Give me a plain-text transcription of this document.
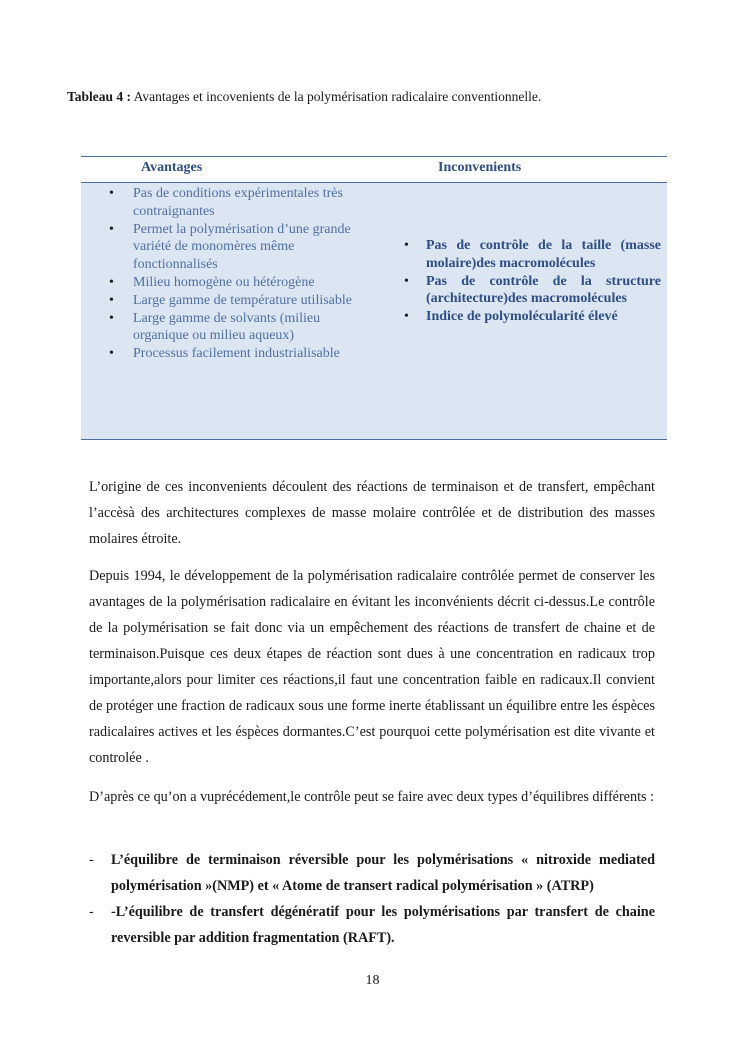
Tableau 4 : Avantages et incovenients de la polymérisation radicalaire conventionnelle.
Avantages	Inconvenients
• Pas de conditions expérimentales très contraignantes
• Permet la polymérisation d’une grande variété de monomères même fonctionnalisés
• Milieu homogène ou hétérogène
• Large gamme de température utilisable
• Large gamme de solvants (milieu organique ou milieu aqueux)
• Processus facilement industrialisable
• Pas de contrôle de la taille (masse molaire)des macromolécules
• Pas de contrôle de la structure (architecture)des macromolécules
• Indice de polymolécularité élevé

L’origine de ces inconvenients découlent des réactions de terminaison et de transfert, empêchant l’accèsà des architectures complexes de masse molaire contrôlée et de distribution des masses molaires étroite.

Depuis 1994, le développement de la polymérisation radicalaire contrôlée permet de conserver les avantages de la polymérisation radicalaire en évitant les inconvénients décrit ci-dessus.Le contrôle de la polymérisation se fait donc via un empêchement des réactions de transfert de chaine et de terminaison.Puisque ces deux étapes de réaction sont dues à une concentration en radicaux trop importante,alors pour limiter ces réactions,il faut une concentration faible en radicaux.Il convient de protéger une fraction de radicaux sous une forme inerte établissant un équilibre entre les éspèces radicalaires actives et les éspèces dormantes.C’est pourquoi cette polymérisation est dite vivante et controlée .

D’après ce qu’on a vuprécédement,le contrôle peut se faire avec deux types d’équilibres différents :

- L’équilibre de terminaison réversible pour les polymérisations « nitroxide mediated polymérisation »(NMP) et « Atome de transert radical polymérisation » (ATRP)
- -L’équilibre de transfert dégénératif pour les polymérisations par transfert de chaine reversible par addition fragmentation (RAFT).
18
